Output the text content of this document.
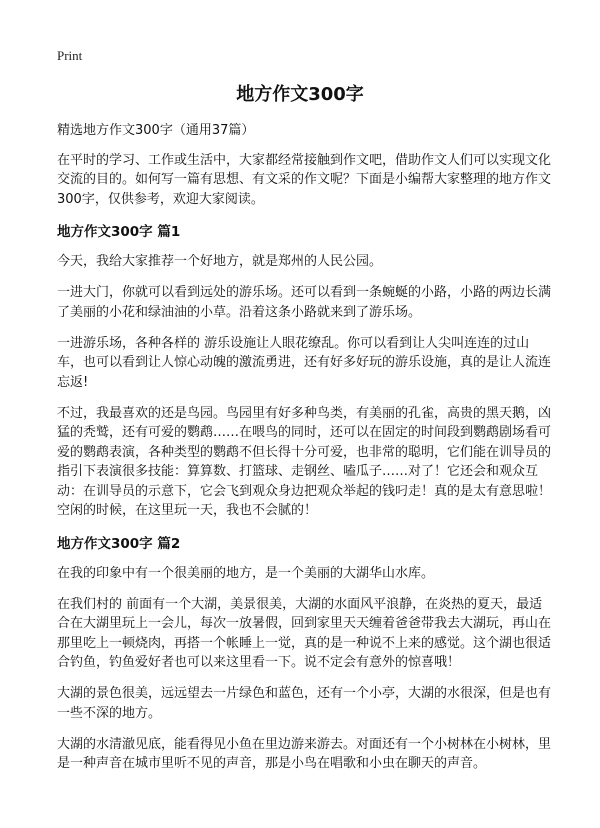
Print
地方作文300字

精选地方作文300字（通用37篇）

在平时的学习、工作或生活中，大家都经常接触到作文吧，借助作文人们可以实现文化交流的目的。如何写一篇有思想、有文采的作文呢？下面是小编帮大家整理的地方作文300字，仅供参考，欢迎大家阅读。

地方作文300字 篇1

今天，我给大家推荐一个好地方，就是郑州的人民公园。

一进大门，你就可以看到远处的游乐场。还可以看到一条蜿蜒的小路，小路的两边长满了美丽的小花和绿油油的小草。沿着这条小路就来到了游乐场。

一进游乐场，各种各样的 游乐设施让人眼花缭乱。你可以看到让人尖叫连连的过山车，也可以看到让人惊心动魄的激流勇进，还有好多好玩的游乐设施，真的是让人流连忘返!

不过，我最喜欢的还是鸟园。鸟园里有好多种鸟类，有美丽的孔雀，高贵的黑天鹅，凶猛的秃鹫，还有可爱的鹦鹉……在喂鸟的同时，还可以在固定的时间段到鹦鹉剧场看可爱的鹦鹉表演，各种类型的鹦鹉不但长得十分可爱，也非常的聪明，它们能在训导员的指引下表演很多技能：算算数、打篮球、走钢丝、嗑瓜子……对了！它还会和观众互动：在训导员的示意下，它会飞到观众身边把观众举起的钱叼走！真的是太有意思啦！空闲的时候，在这里玩一天，我也不会腻的！

地方作文300字 篇2

在我的印象中有一个很美丽的地方，是一个美丽的大湖华山水库。

在我们村的 前面有一个大湖，美景很美，大湖的水面风平浪静，在炎热的夏天，最适合在大湖里玩上一会儿，每次一放暑假，回到家里天天缠着爸爸带我去大湖玩，再山在那里吃上一顿烧肉，再搭一个帐睡上一觉，真的是一种说不上来的感觉。这个湖也很适合钓鱼，钓鱼爱好者也可以来这里看一下。说不定会有意外的惊喜哦！

大湖的景色很美，远远望去一片绿色和蓝色，还有一个小亭，大湖的水很深，但是也有一些不深的地方。

大湖的水清澈见底，能看得见小鱼在里边游来游去。对面还有一个小树林在小树林，里是一种声音在城市里听不见的声音，那是小鸟在唱歌和小虫在聊天的声音。
